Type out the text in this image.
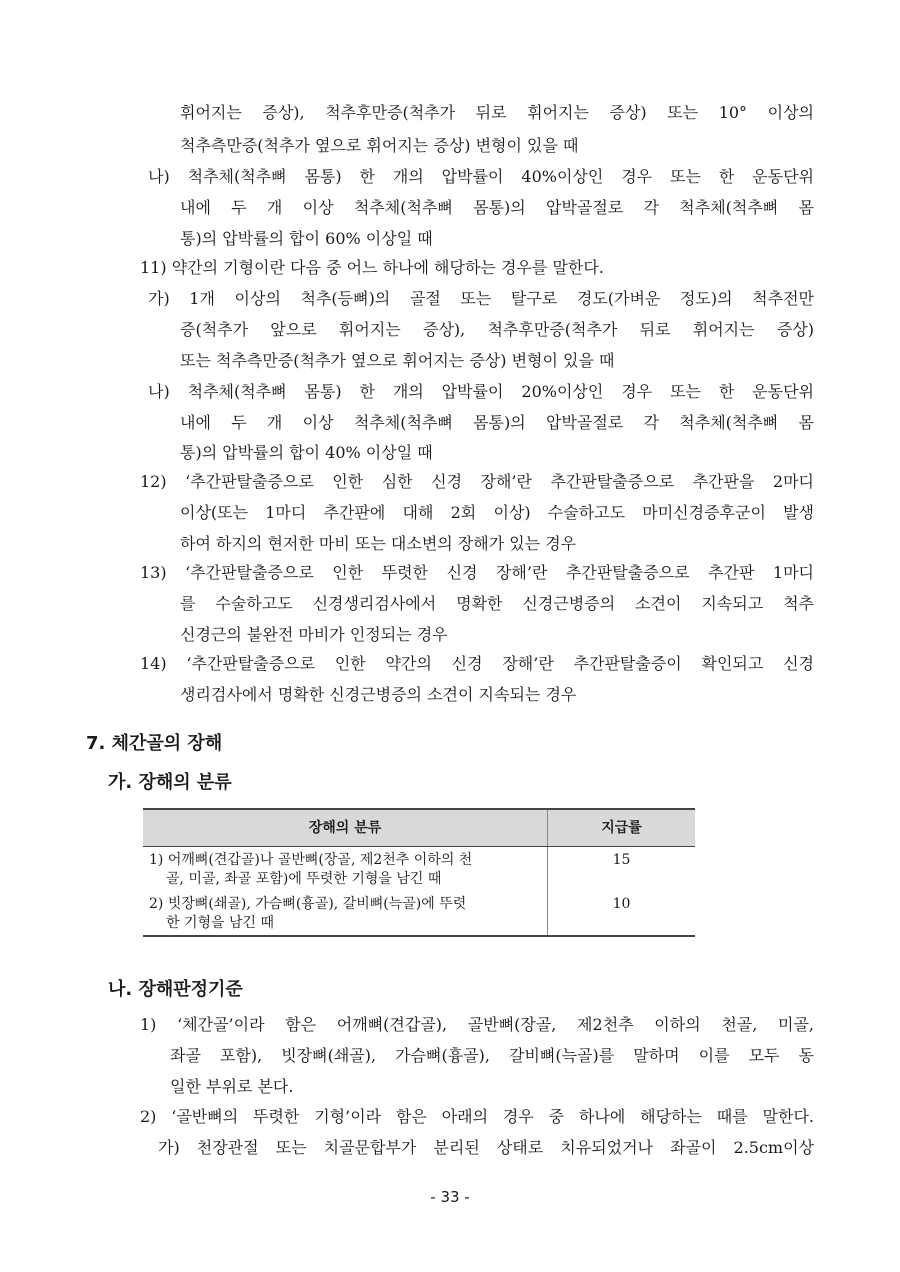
휘어지는 증상), 척추후만증(척추가 뒤로 휘어지는 증상) 또는 10° 이상의
척추측만증(척추가 옆으로 휘어지는 증상) 변형이 있을 때
나) 척추체(척추뼈 몸통) 한 개의 압박률이 40%이상인 경우 또는 한 운동단위
내에 두 개 이상 척추체(척추뼈 몸통)의 압박골절로 각 척추체(척추뼈 몸
통)의 압박률의 합이 60% 이상일 때
11) 약간의 기형이란 다음 중 어느 하나에 해당하는 경우를 말한다.
가) 1개 이상의 척추(등뼈)의 골절 또는 탈구로 경도(가벼운 정도)의 척추전만
증(척추가 앞으로 휘어지는 증상), 척추후만증(척추가 뒤로 휘어지는 증상)
또는 척추측만증(척추가 옆으로 휘어지는 증상) 변형이 있을 때
나) 척추체(척추뼈 몸통) 한 개의 압박률이 20%이상인 경우 또는 한 운동단위
내에 두 개 이상 척추체(척추뼈 몸통)의 압박골절로 각 척추체(척추뼈 몸
통)의 압박률의 합이 40% 이상일 때
12) ‘추간판탈출증으로 인한 심한 신경 장해’란 추간판탈출증으로 추간판을 2마디
이상(또는 1마디 추간판에 대해 2회 이상) 수술하고도 마미신경증후군이 발생
하여 하지의 현저한 마비 또는 대소변의 장해가 있는 경우
13) ‘추간판탈출증으로 인한 뚜렷한 신경 장해’란 추간판탈출증으로 추간판 1마디
를 수술하고도 신경생리검사에서 명확한 신경근병증의 소견이 지속되고 척추
신경근의 불완전 마비가 인정되는 경우
14) ‘추간판탈출증으로 인한 약간의 신경 장해’란 추간판탈출증이 확인되고 신경
생리검사에서 명확한 신경근병증의 소견이 지속되는 경우
7. 체간골의 장해
가. 장해의 분류
장해의 분류	지급률

1) 어깨뼈(견갑골)나 골반뼈(장골, 제2천추 이하의 천
골, 미골, 좌골 포함)에 뚜렷한 기형을 남긴 때	15

2) 빗장뼈(쇄골), 가슴뼈(흉골), 갈비뼈(늑골)에 뚜렷
한 기형을 남긴 때	10
나. 장해판정기준
1) ‘체간골’이라 함은 어깨뼈(견갑골), 골반뼈(장골, 제2천추 이하의 천골, 미골,
좌골 포함), 빗장뼈(쇄골), 가슴뼈(흉골), 갈비뼈(늑골)를 말하며 이를 모두 동
일한 부위로 본다.
2) ‘골반뼈의 뚜렷한 기형’이라 함은 아래의 경우 중 하나에 해당하는 때를 말한다.
가) 천장관절 또는 치골문합부가 분리된 상태로 치유되었거나 좌골이 2.5cm이상
- 33 -
